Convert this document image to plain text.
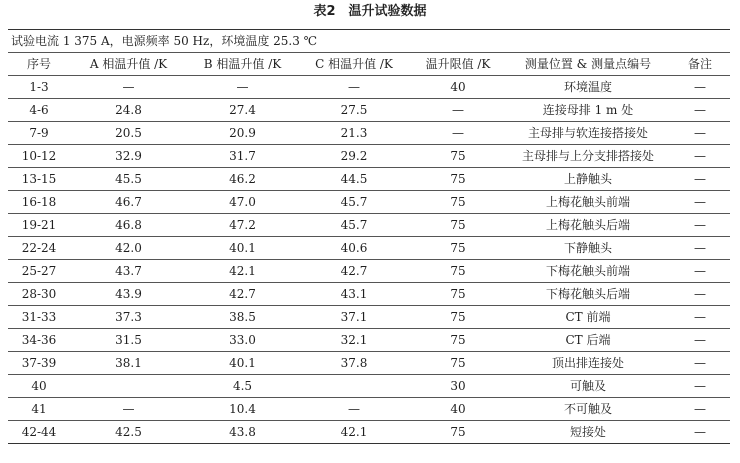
表2　温升试验数据
试验电流 1 375 A，电源频率 50 Hz，环境温度 25.3 ℃						
序号	A 相温升值 /K	B 相温升值 /K	C 相温升值 /K	温升限值 /K	测量位置 & 测量点编号	备注
1-3	—	—	—	40	环境温度	—
4-6	24.8	27.4	27.5	—	连接母排 1 m 处	—
7-9	20.5	20.9	21.3	—	主母排与软连接搭接处	—
10-12	32.9	31.7	29.2	75	主母排与上分支排搭接处	—
13-15	45.5	46.2	44.5	75	上静触头	—
16-18	46.7	47.0	45.7	75	上梅花触头前端	—
19-21	46.8	47.2	45.7	75	上梅花触头后端	—
22-24	42.0	40.1	40.6	75	下静触头	—
25-27	43.7	42.1	42.7	75	下梅花触头前端	—
28-30	43.9	42.7	43.1	75	下梅花触头后端	—
31-33	37.3	38.5	37.1	75	CT 前端	—
34-36	31.5	33.0	32.1	75	CT 后端	—
37-39	38.1	40.1	37.8	75	顶出排连接处	—
40		4.5		30	可触及	—
41	—	10.4	—	40	不可触及	—
42-44	42.5	43.8	42.1	75	短接处	—
